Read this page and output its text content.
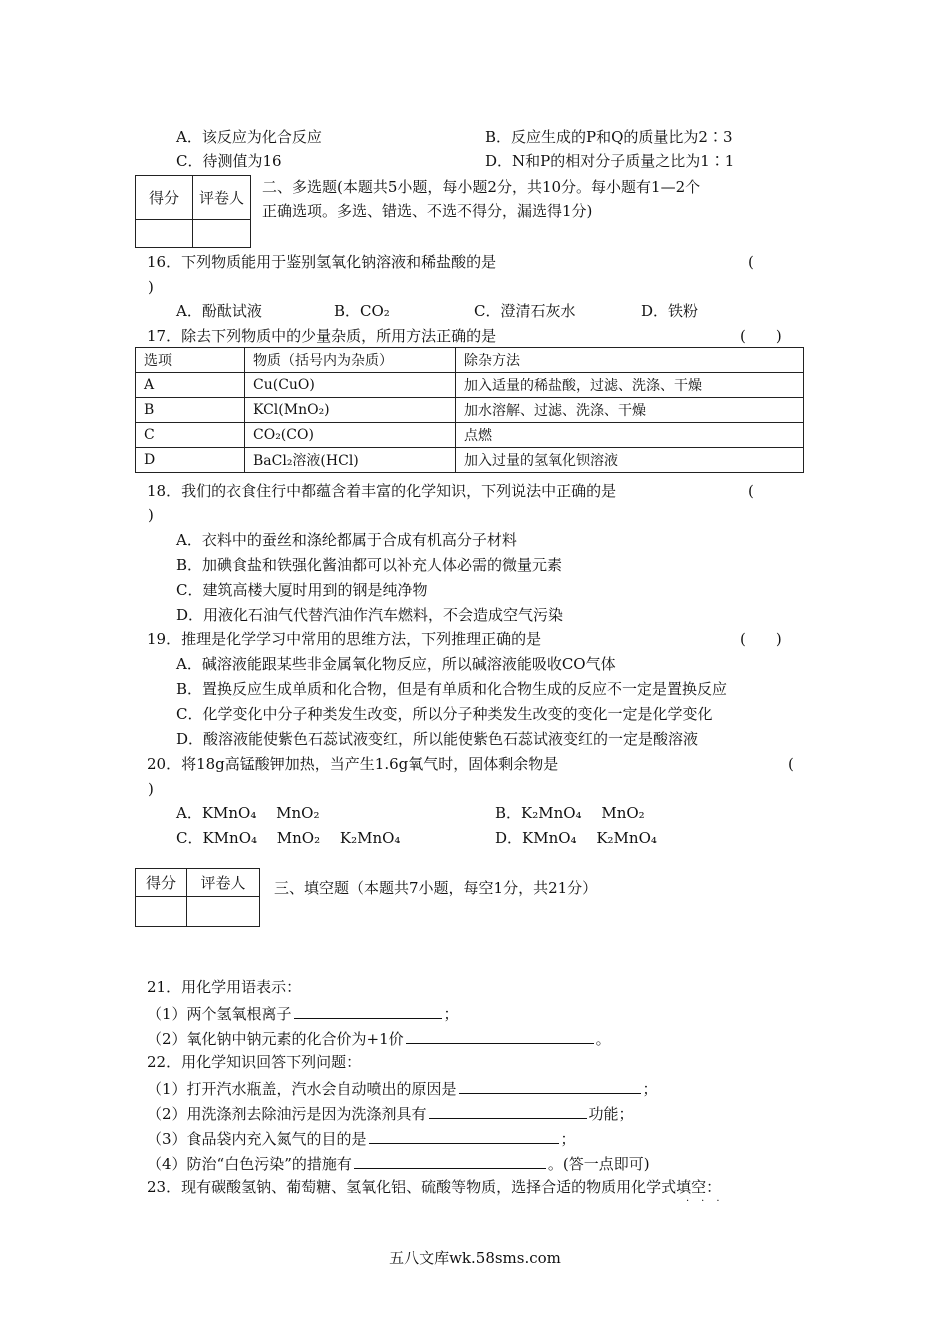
A．该反应为化合反应	B．反应生成的P和Q的质量比为2∶3
C．待测值为16	D．N和P的相对分子质量之比为1∶1
得分	评卷人

二、多选题(本题共5小题，每小题2分，共10分。每小题有1—2个
正确选项。多选、错选、不选不得分，漏选得1分)
16．下列物质能用于鉴别氢氧化钠溶液和稀盐酸的是	(
)
A．酚酞试液	B．CO₂	C．澄清石灰水	D．铁粉
17．除去下列物质中的少量杂质，所用方法正确的是	(　　)
选项	物质（括号内为杂质）	除杂方法
A	Cu(CuO)	加入适量的稀盐酸，过滤、洗涤、干燥
B	KCl(MnO₂)	加水溶解、过滤、洗涤、干燥
C	CO₂(CO)	点燃
D	BaCl₂溶液(HCl)	加入过量的氢氧化钡溶液
18．我们的衣食住行中都蕴含着丰富的化学知识，下列说法中正确的是	(
)
A．衣料中的蚕丝和涤纶都属于合成有机高分子材料
B．加碘食盐和铁强化酱油都可以补充人体必需的微量元素
C．建筑高楼大厦时用到的钢是纯净物
D．用液化石油气代替汽油作汽车燃料，不会造成空气污染
19．推理是化学学习中常用的思维方法，下列推理正确的是	(　　)
A．碱溶液能跟某些非金属氧化物反应，所以碱溶液能吸收CO气体
B．置换反应生成单质和化合物，但是有单质和化合物生成的反应不一定是置换反应
C．化学变化中分子种类发生改变，所以分子种类发生改变的变化一定是化学变化
D．酸溶液能使紫色石蕊试液变红，所以能使紫色石蕊试液变红的一定是酸溶液
20．将18g高锰酸钾加热，当产生1.6g氧气时，固体剩余物是	(
)
A．KMnO₄　 MnO₂	B．K₂MnO₄　 MnO₂
C．KMnO₄　 MnO₂　 K₂MnO₄	D．KMnO₄　 K₂MnO₄
得分	评卷人
	三、填空题（本题共7小题，每空1分，共21分）
21．用化学用语表示：
（1）两个氢氧根离子	；
（2）氧化钠中钠元素的化合价为+1价	。
22．用化学知识回答下列问题：
（1）打开汽水瓶盖，汽水会自动喷出的原因是	；
（2）用洗涤剂去除油污是因为洗涤剂具有	功能；
（3）食品袋内充入氮气的目的是	；
（4）防治“白色污染”的措施有	。(答一点即可)
23．现有碳酸氢钠、葡萄糖、氢氧化铝、硫酸等物质，选择合适的物质用化学式填空：
···
五八文库wk.58sms.com
